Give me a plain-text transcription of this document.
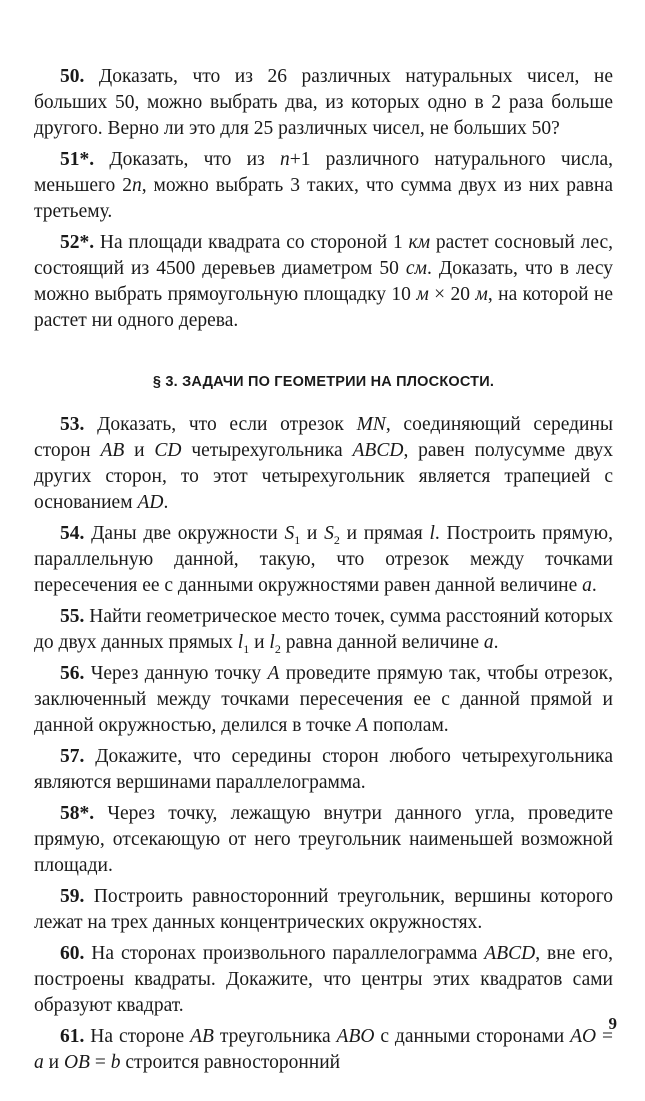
50. Доказать, что из 26 различных натуральных чисел, не больших 50, можно выбрать два, из которых одно в 2 раза больше другого. Верно ли это для 25 различных чисел, не больших 50?

51*. Доказать, что из n+1 различного натурального числа, меньшего 2n, можно выбрать 3 таких, что сумма двух из них равна третьему.

52*. На площади квадрата со стороной 1 км растет сосновый лес, состоящий из 4500 деревьев диаметром 50 см. Доказать, что в лесу можно выбрать прямоугольную площадку 10 м × 20 м, на которой не растет ни одного дерева.

§ 3. ЗАДАЧИ ПО ГЕОМЕТРИИ НА ПЛОСКОСТИ.

53. Доказать, что если отрезок MN, соединяющий середины сторон AB и CD четырехугольника ABCD, равен полусумме двух других сторон, то этот четырехугольник является трапецией с основанием AD.

54. Даны две окружности $S_1$ и $S_2$ и прямая l. Построить прямую, параллельную данной, такую, что отрезок между точками пересечения ее с данными окружностями равен данной величине a.

55. Найти геометрическое место точек, сумма расстояний которых до двух данных прямых $l_1$ и $l_2$ равна данной величине a.

56. Через данную точку A проведите прямую так, чтобы отрезок, заключенный между точками пересечения ее с данной прямой и данной окружностью, делился в точке A пополам.

57. Докажите, что середины сторон любого четырехугольника являются вершинами параллелограмма.

58*. Через точку, лежащую внутри данного угла, проведите прямую, отсекающую от него треугольник наименьшей возможной площади.

59. Построить равносторонний треугольник, вершины которого лежат на трех данных концентрических окружностях.

60. На сторонах произвольного параллелограмма ABCD, вне его, построены квадраты. Докажите, что центры этих квадратов сами образуют квадрат.

61. На стороне AB треугольника ABO с данными сторонами AO = a и OB = b строится равносторонний

9
